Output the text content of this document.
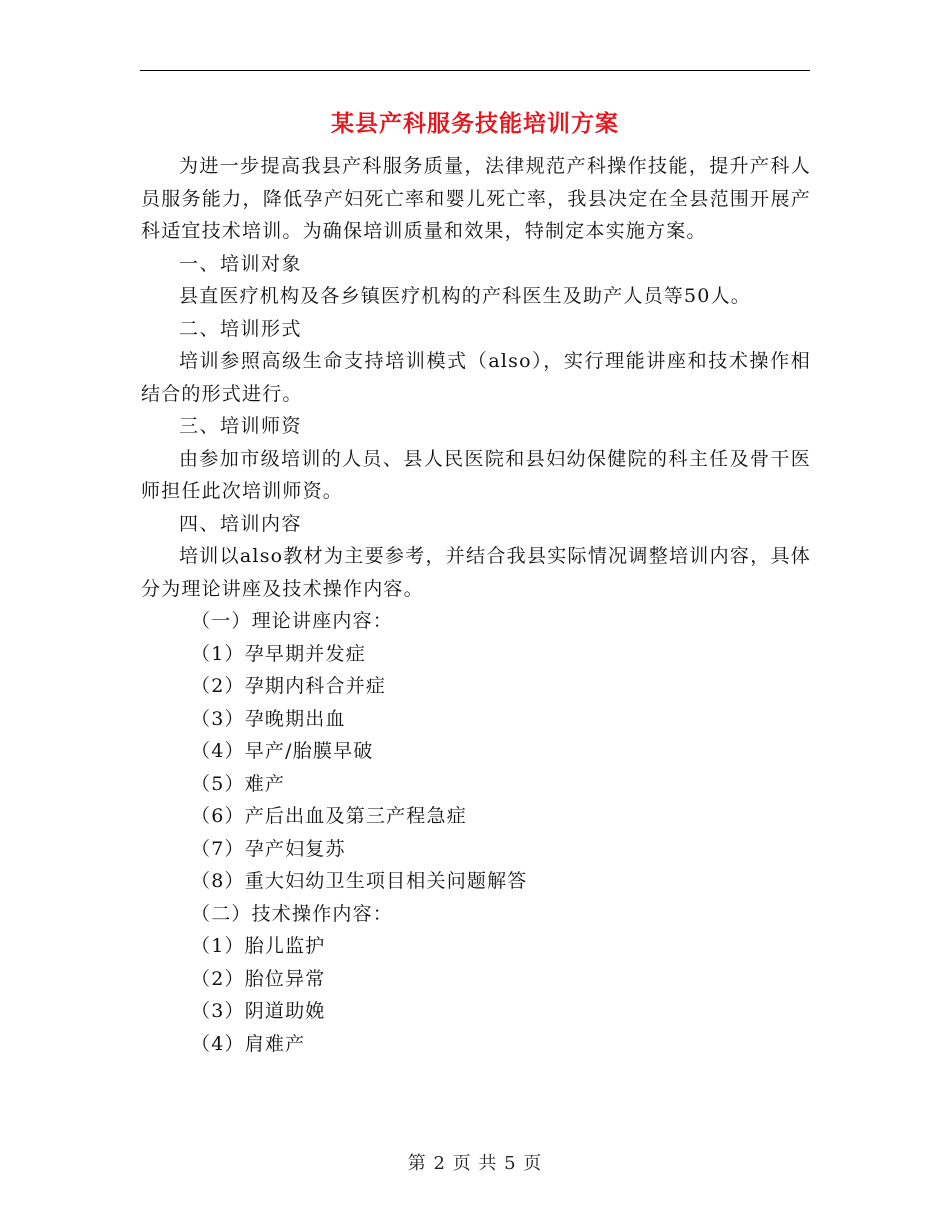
某县产科服务技能培训方案

为进一步提高我县产科服务质量，法律规范产科操作技能，提升产科人员服务能力，降低孕产妇死亡率和婴儿死亡率，我县决定在全县范围开展产科适宜技术培训。为确保培训质量和效果，特制定本实施方案。

一、培训对象

县直医疗机构及各乡镇医疗机构的产科医生及助产人员等50人。

二、培训形式

培训参照高级生命支持培训模式（also），实行理能讲座和技术操作相结合的形式进行。

三、培训师资

由参加市级培训的人员、县人民医院和县妇幼保健院的科主任及骨干医师担任此次培训师资。

四、培训内容

培训以also教材为主要参考，并结合我县实际情况调整培训内容，具体分为理论讲座及技术操作内容。

（一）理论讲座内容：

（1）孕早期并发症

（2）孕期内科合并症

（3）孕晚期出血

（4）早产/胎膜早破

（5）难产

（6）产后出血及第三产程急症

（7）孕产妇复苏

（8）重大妇幼卫生项目相关问题解答

（二）技术操作内容：

（1）胎儿监护

（2）胎位异常

（3）阴道助娩

（4）肩难产

第 2 页 共 5 页
